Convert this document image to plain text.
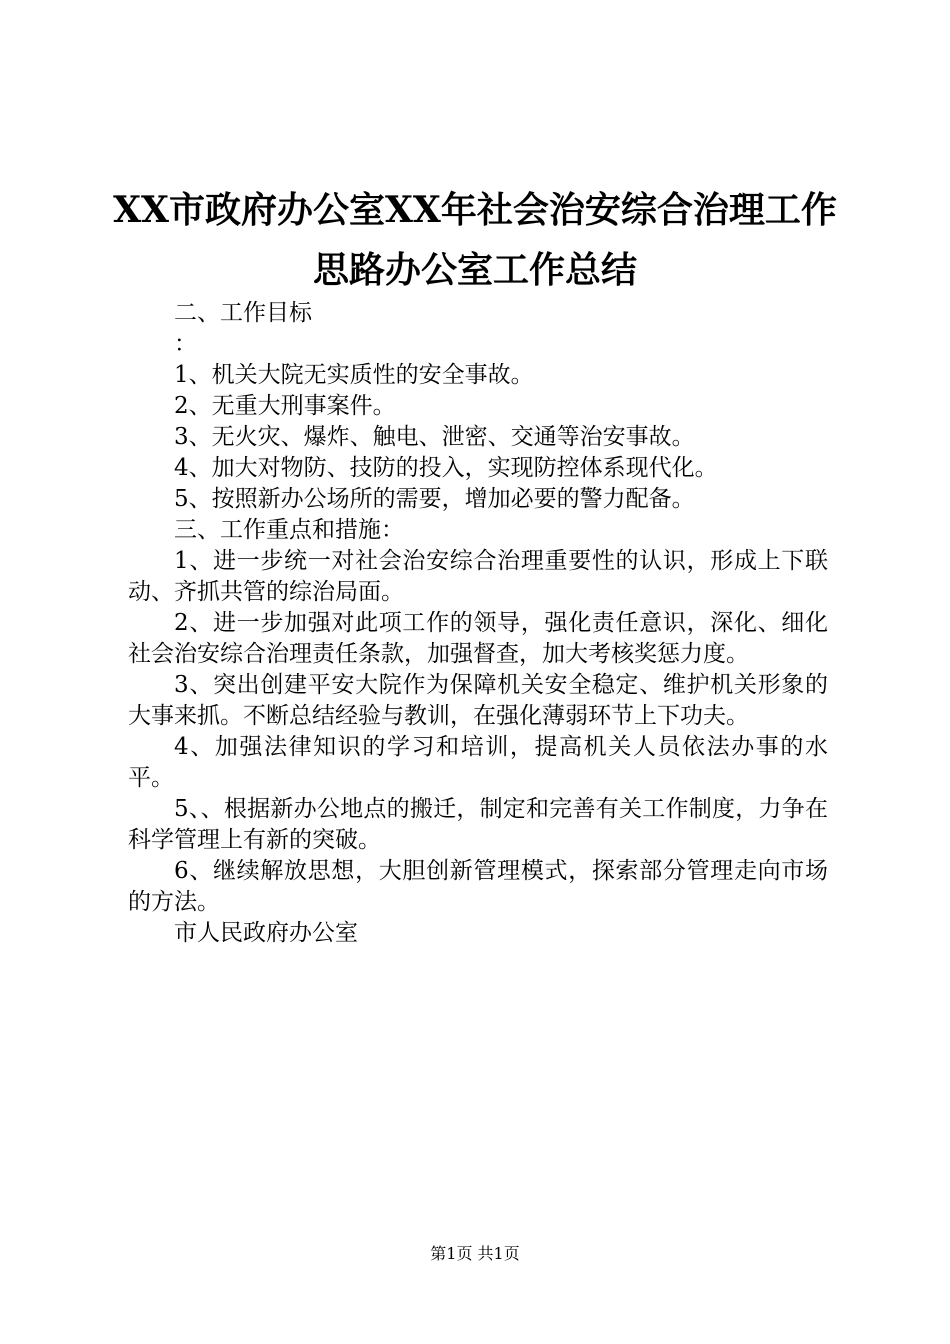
XX市政府办公室XX年社会治安综合治理工作
思路办公室工作总结

二、工作目标

：

1、机关大院无实质性的安全事故。

2、无重大刑事案件。

3、无火灾、爆炸、触电、泄密、交通等治安事故。

4、加大对物防、技防的投入，实现防控体系现代化。

5、按照新办公场所的需要，增加必要的警力配备。

三、工作重点和措施：

1、进一步统一对社会治安综合治理重要性的认识，形成上下联动、齐抓共管的综治局面。

2、进一步加强对此项工作的领导，强化责任意识，深化、细化社会治安综合治理责任条款，加强督查，加大考核奖惩力度。

3、突出创建平安大院作为保障机关安全稳定、维护机关形象的大事来抓。不断总结经验与教训，在强化薄弱环节上下功夫。

4、加强法律知识的学习和培训，提高机关人员依法办事的水平。

5、、根据新办公地点的搬迁，制定和完善有关工作制度，力争在科学管理上有新的突破。

6、继续解放思想，大胆创新管理模式，探索部分管理走向市场的方法。

市人民政府办公室

第1页 共1页
